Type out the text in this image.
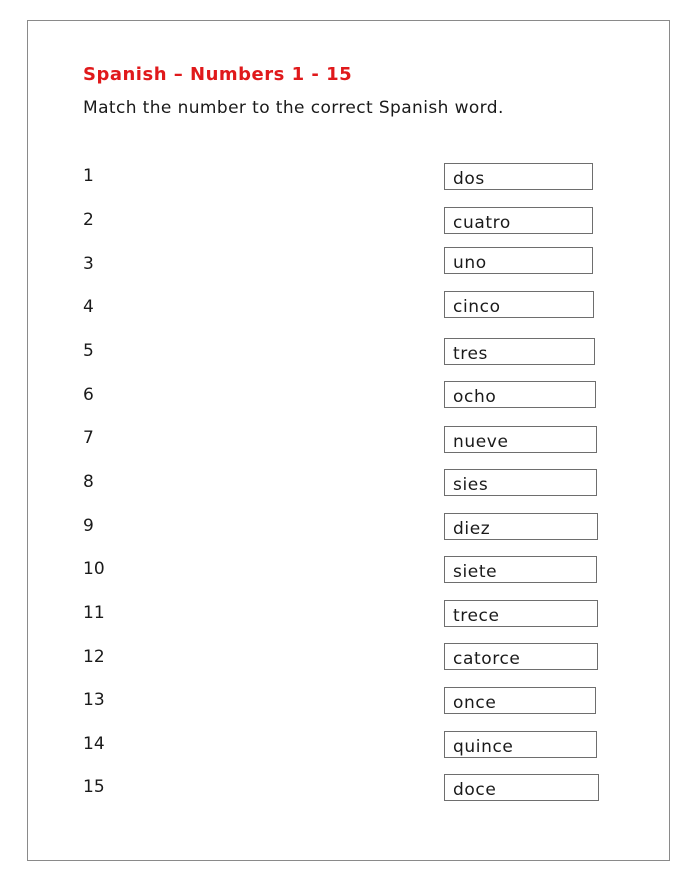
Spanish – Numbers 1 - 15
Match the number to the correct Spanish word.
1	dos
2	cuatro
3	uno
4	cinco
5	tres
6	ocho
7	nueve
8	sies
9	diez
10	siete
11	trece
12	catorce
13	once
14	quince
15	doce
